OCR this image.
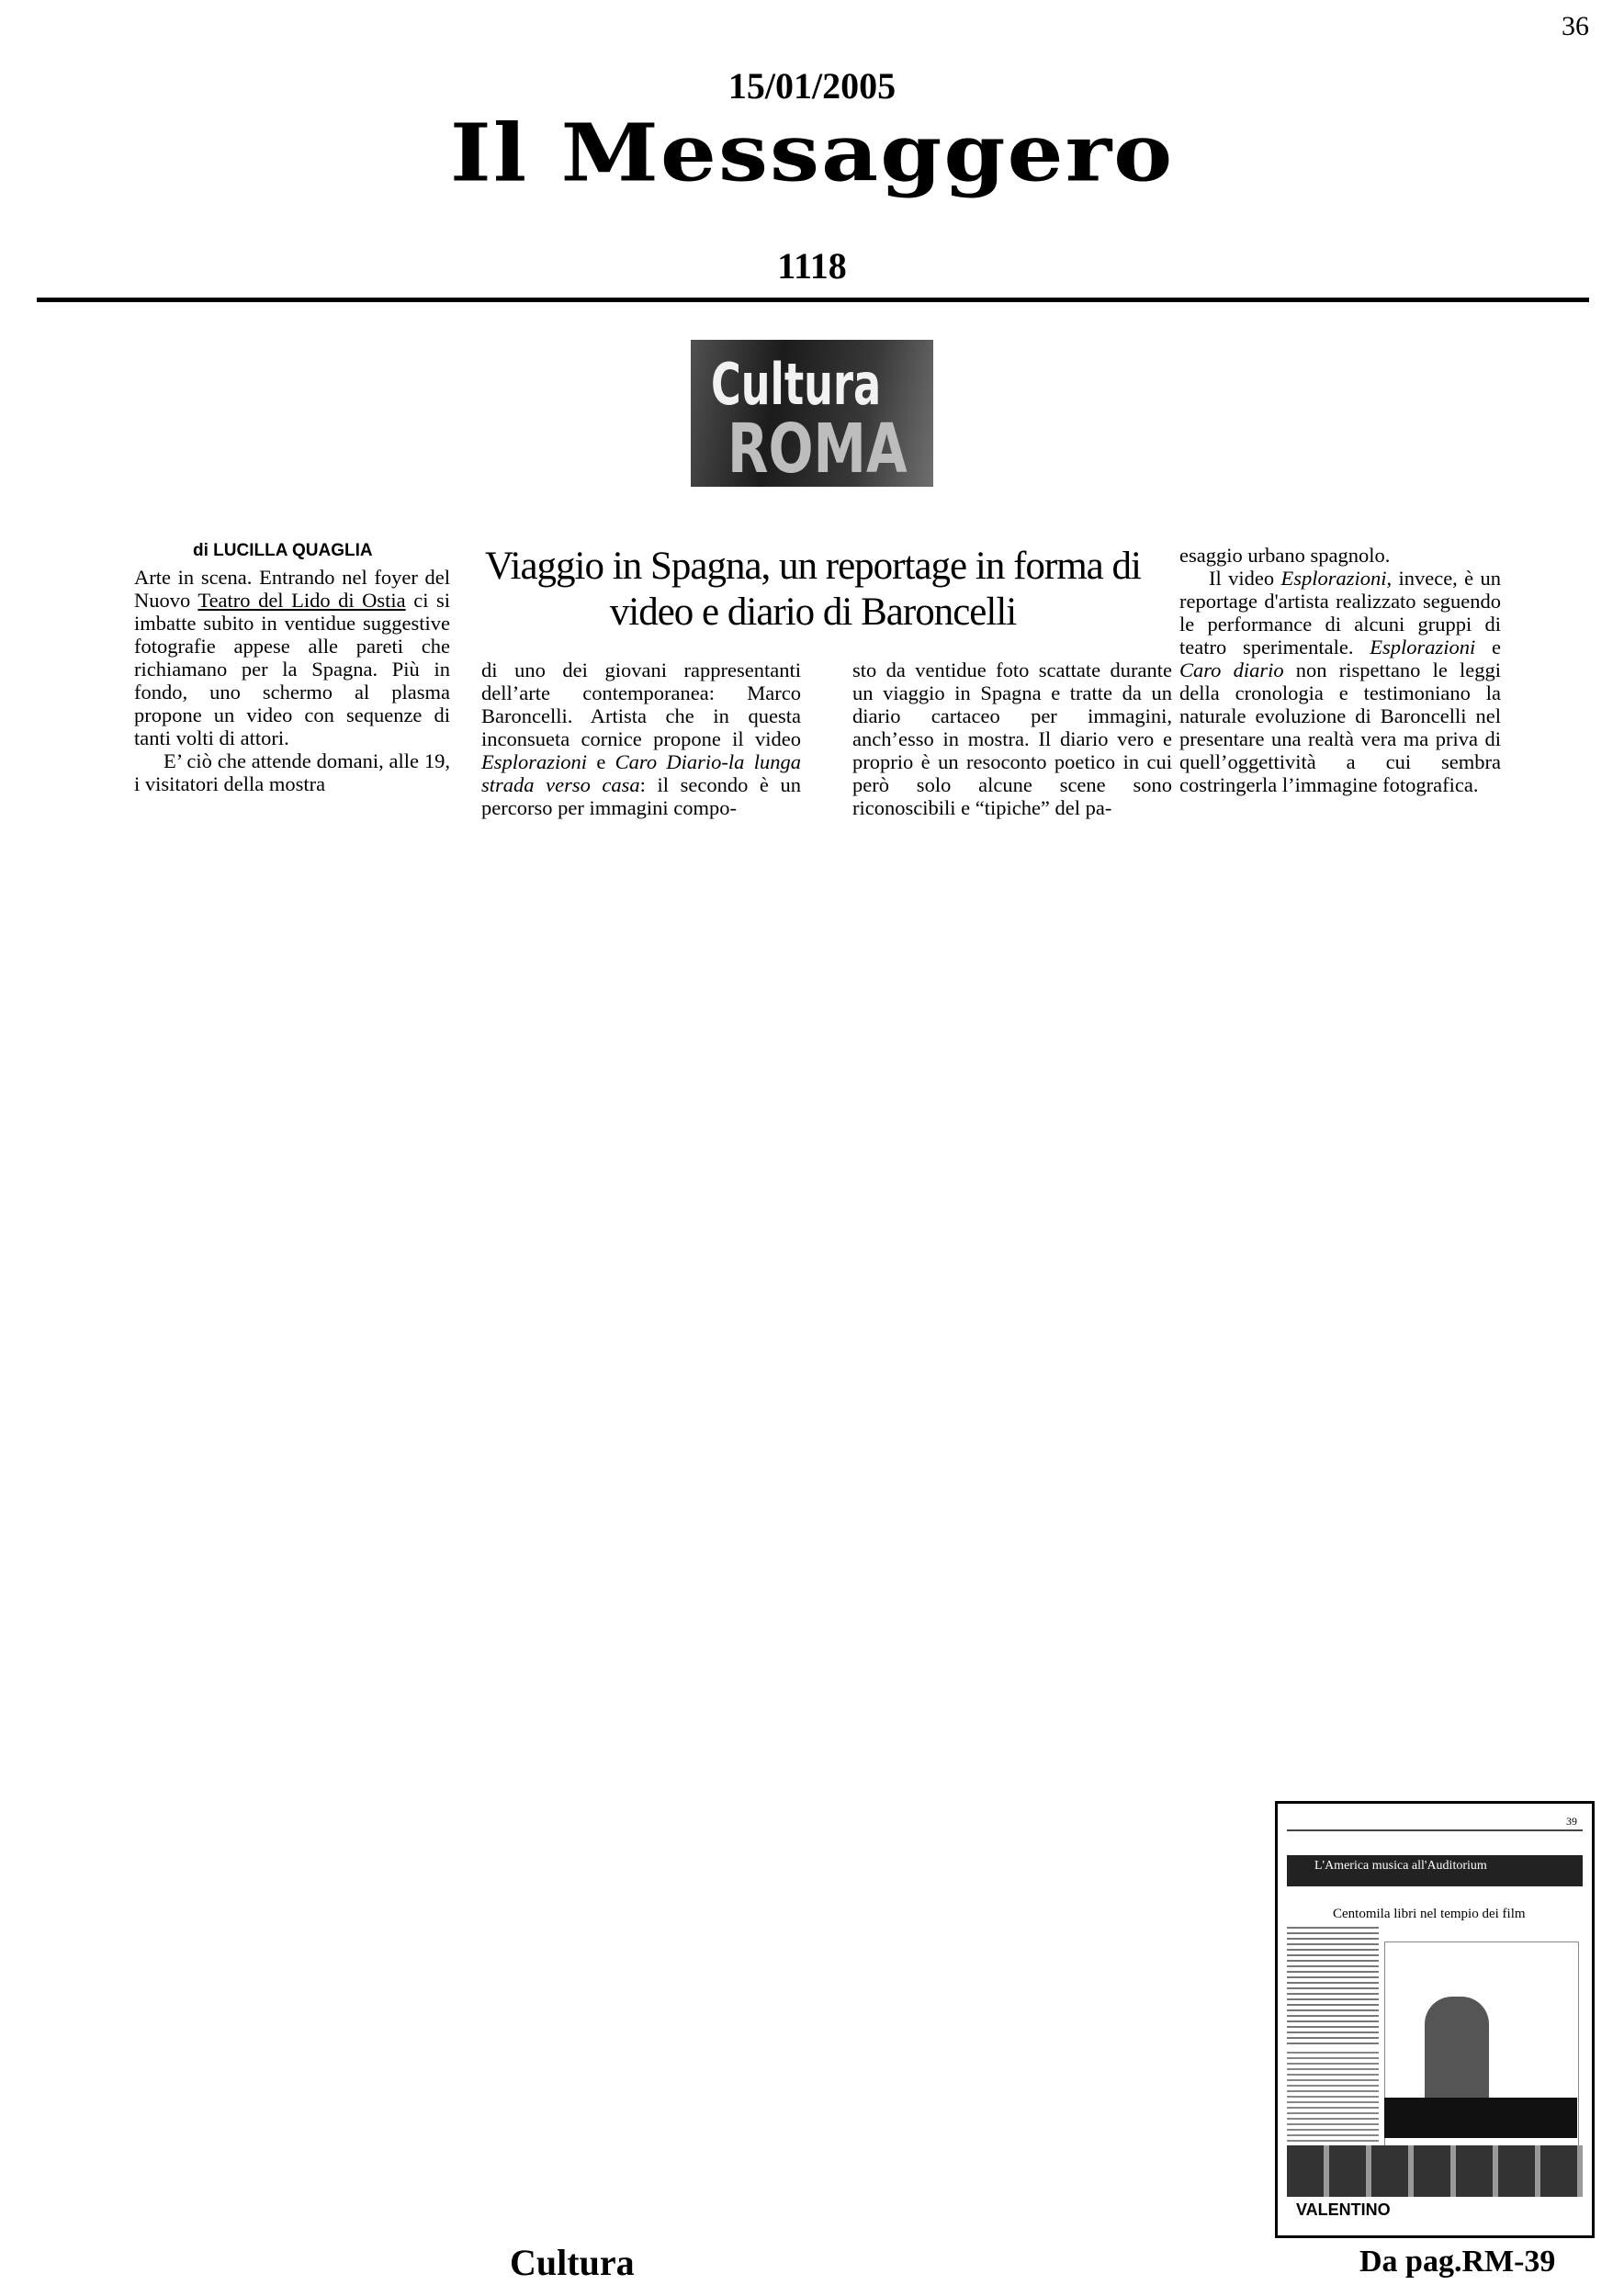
36
15/01/2005
Il Messaggero
1118
Cultura
ROMA
di LUCILLA QUAGLIA

Arte in scena. Entrando nel foyer del Nuovo Teatro del Lido di Ostia ci si imbatte subito in ventidue suggestive fotografie appese alle pareti che richiamano per la Spagna. Più in fondo, uno schermo al plasma propone un video con sequenze di tanti volti di attori.

E’ ciò che attende domani, alle 19, i visitatori della mostra

Viaggio in Spagna, un reportage in forma di video e diario di Baroncelli

di uno dei giovani rappresentanti dell’arte contemporanea: Marco Baroncelli. Artista che in questa inconsueta cornice propone il video Esplorazioni e Caro Diario-la lunga strada verso casa: il secondo è un percorso per immagini compo-

sto da ventidue foto scattate durante un viaggio in Spagna e tratte da un diario cartaceo per immagini, anch’esso in mostra. Il diario vero e proprio è un resoconto poetico in cui però solo alcune scene sono riconoscibili e “tipiche” del pa-

esaggio urbano spagnolo.

Il video Esplorazioni, invece, è un reportage d'artista realizzato seguendo le performance di alcuni gruppi di teatro sperimentale. Esplorazioni e Caro diario non rispettano le leggi della cronologia e testimoniano la naturale evoluzione di Baroncelli nel presentare una realtà vera ma priva di quell’oggettività a cui sembra costringerla l’immagine fotografica.

39
L'America musica all'Auditorium
Centomila libri nel tempio dei film
VALENTINO
Cultura	Da pag.RM-39
